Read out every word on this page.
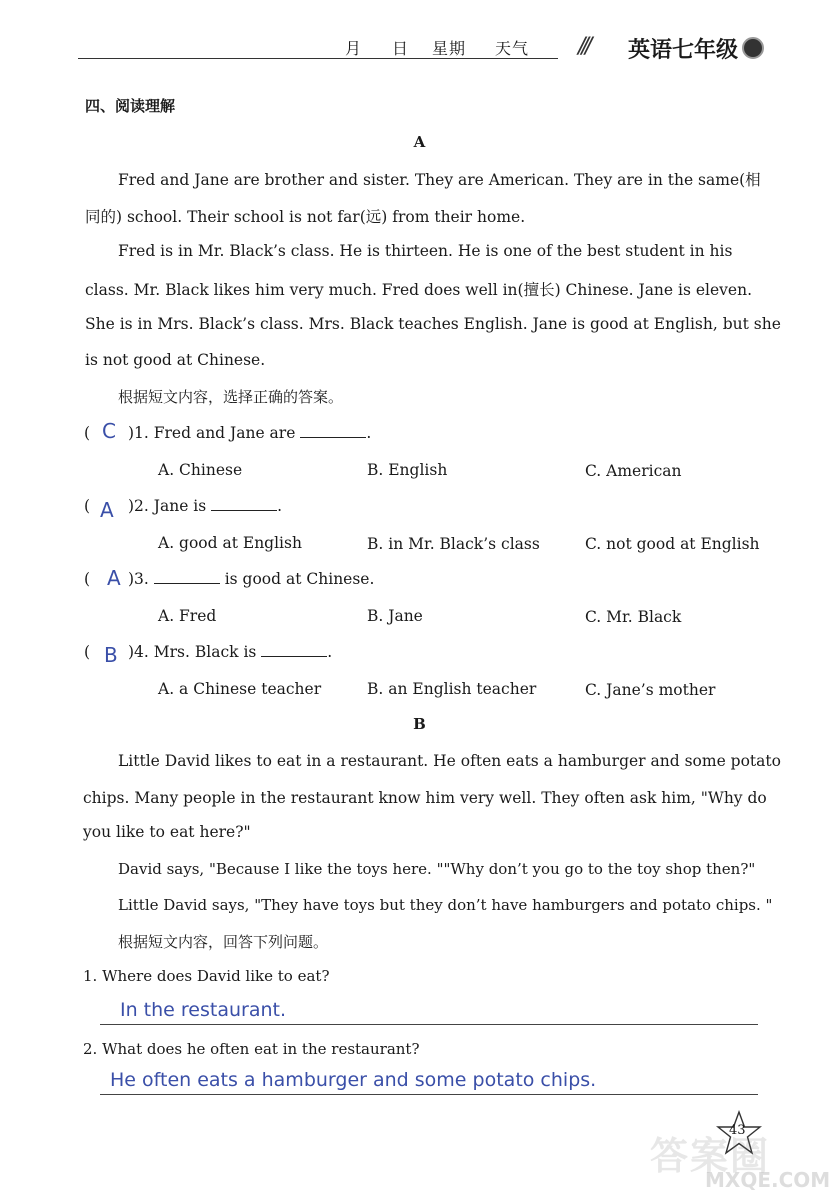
月 日 星期 天气 /// 英语七年级
四、阅读理解
A
Fred and Jane are brother and sister. They are American. They are in the same(相
同的) school. Their school is not far(远) from their home.
Fred is in Mr. Black’s class. He is thirteen. He is one of the best student in his
class. Mr. Black likes him very much. Fred does well in(擅长) Chinese. Jane is eleven.
She is in Mrs. Black’s class. Mrs. Black teaches English. Jane is good at English, but she
is not good at Chinese.
根据短文内容，选择正确的答案。
( C )1. Fred and Jane are	.
A. Chinese	B. English	C. American
( A )2. Jane is	.
A. good at English	B. in Mr. Black’s class	C. not good at English
( A )3.	is good at Chinese.
A. Fred	B. Jane	C. Mr. Black
( B )4. Mrs. Black is	.
A. a Chinese teacher	B. an English teacher	C. Jane’s mother
B
Little David likes to eat in a restaurant. He often eats a hamburger and some potato
chips. Many people in the restaurant know him very well. They often ask him, "Why do
you like to eat here?"
David says, "Because I like the toys here. ""Why don’t you go to the toy shop then?"
Little David says, "They have toys but they don’t have hamburgers and potato chips. "
根据短文内容，回答下列问题。
1. Where does David like to eat?
In the restaurant.
2. What does he often eat in the restaurant?
He often eats a hamburger and some potato chips.
43
答案圈
MXQE.COM
